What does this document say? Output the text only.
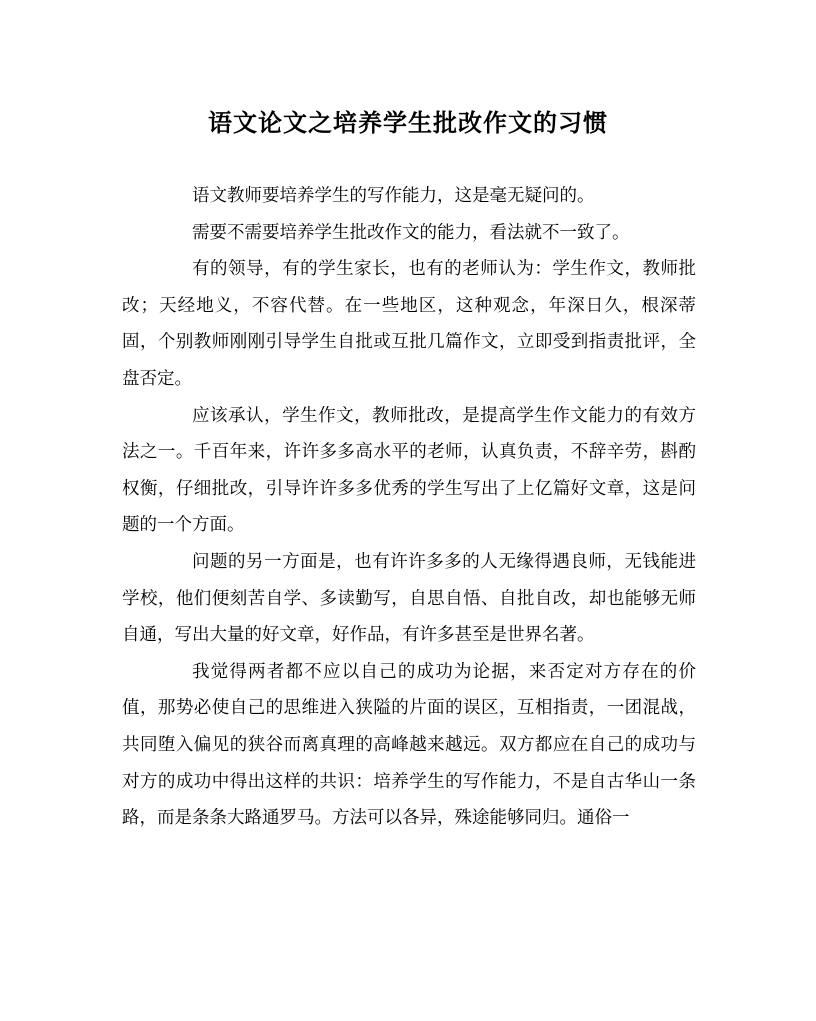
语文论文之培养学生批改作文的习惯

语文教师要培养学生的写作能力，这是毫无疑问的。

需要不需要培养学生批改作文的能力，看法就不一致了。

有的领导，有的学生家长，也有的老师认为：学生作文，教师批改；天经地义，不容代替。在一些地区，这种观念，年深日久，根深蒂固，个别教师刚刚引导学生自批或互批几篇作文，立即受到指责批评，全盘否定。

应该承认，学生作文，教师批改，是提高学生作文能力的有效方法之一。千百年来，许许多多高水平的老师，认真负责，不辞辛劳，斟酌权衡，仔细批改，引导许许多多优秀的学生写出了上亿篇好文章，这是问题的一个方面。

问题的另一方面是，也有许许多多的人无缘得遇良师，无钱能进学校，他们便刻苦自学、多读勤写，自思自悟、自批自改，却也能够无师自通，写出大量的好文章，好作品，有许多甚至是世界名著。

我觉得两者都不应以自己的成功为论据，来否定对方存在的价值，那势必使自己的思维进入狭隘的片面的误区，互相指责，一团混战，共同堕入偏见的狭谷而离真理的高峰越来越远。双方都应在自己的成功与对方的成功中得出这样的共识：培养学生的写作能力，不是自古华山一条路，而是条条大路通罗马。方法可以各异，殊途能够同归。通俗一
